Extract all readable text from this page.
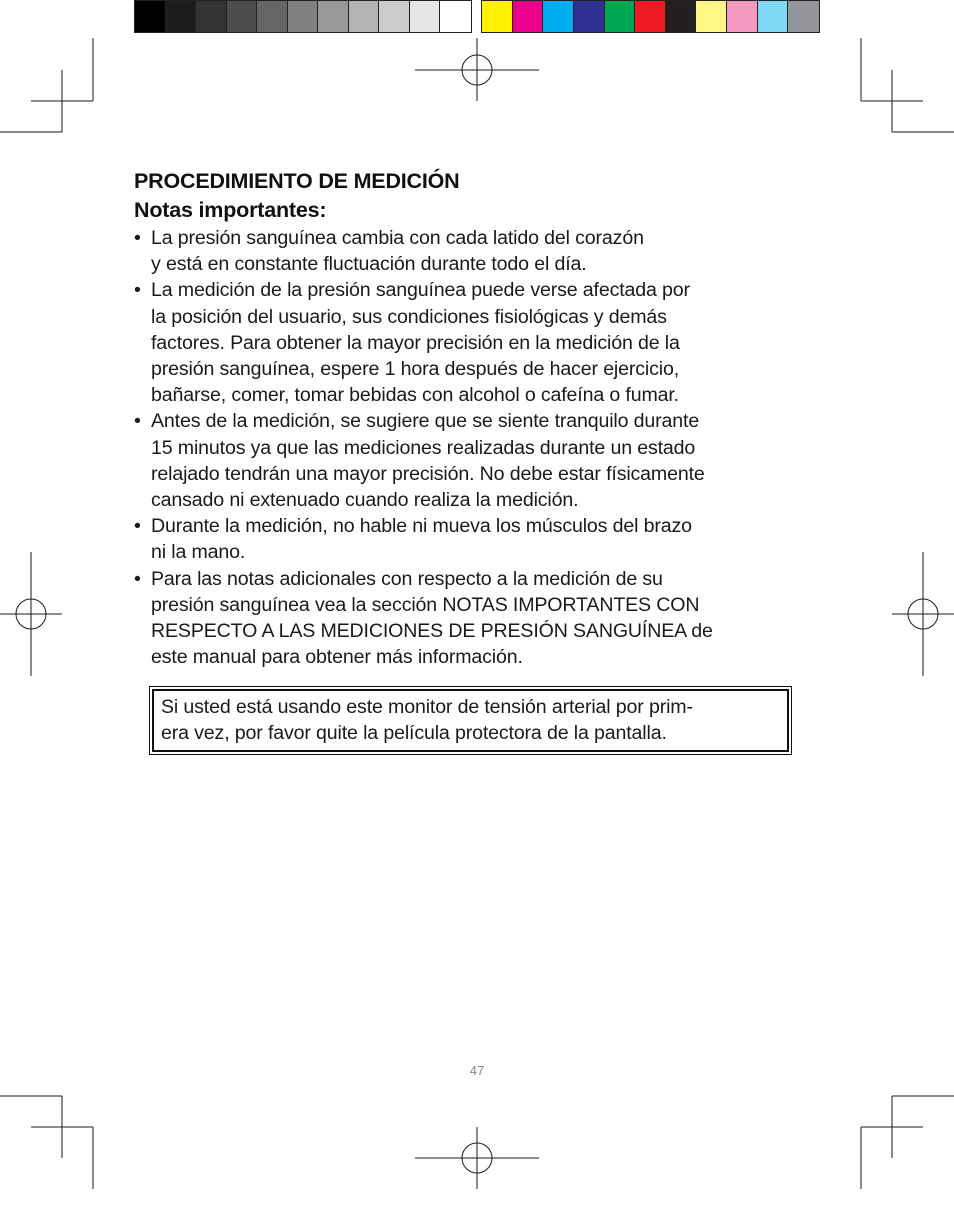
PROCEDIMIENTO DE MEDICIÓN
Notas importantes:
• La presión sanguínea cambia con cada latido del corazón
y está en constante fluctuación durante todo el día.
• La medición de la presión sanguínea puede verse afectada por
la posición del usuario, sus condiciones fisiológicas y demás
factores. Para obtener la mayor precisión en la medición de la
presión sanguínea, espere 1 hora después de hacer ejercicio,
bañarse, comer, tomar bebidas con alcohol o cafeína o fumar.
• Antes de la medición, se sugiere que se siente tranquilo durante
15 minutos ya que las mediciones realizadas durante un estado
relajado tendrán una mayor precisión. No debe estar físicamente
cansado ni extenuado cuando realiza la medición.
• Durante la medición, no hable ni mueva los músculos del brazo
ni la mano.
• Para las notas adicionales con respecto a la medición de su
presión sanguínea vea la sección NOTAS IMPORTANTES CON
RESPECTO A LAS MEDICIONES DE PRESIÓN SANGUÍNEA de
este manual para obtener más información.
Si usted está usando este monitor de tensión arterial por prim-
era vez, por favor quite la película protectora de la pantalla.
47
